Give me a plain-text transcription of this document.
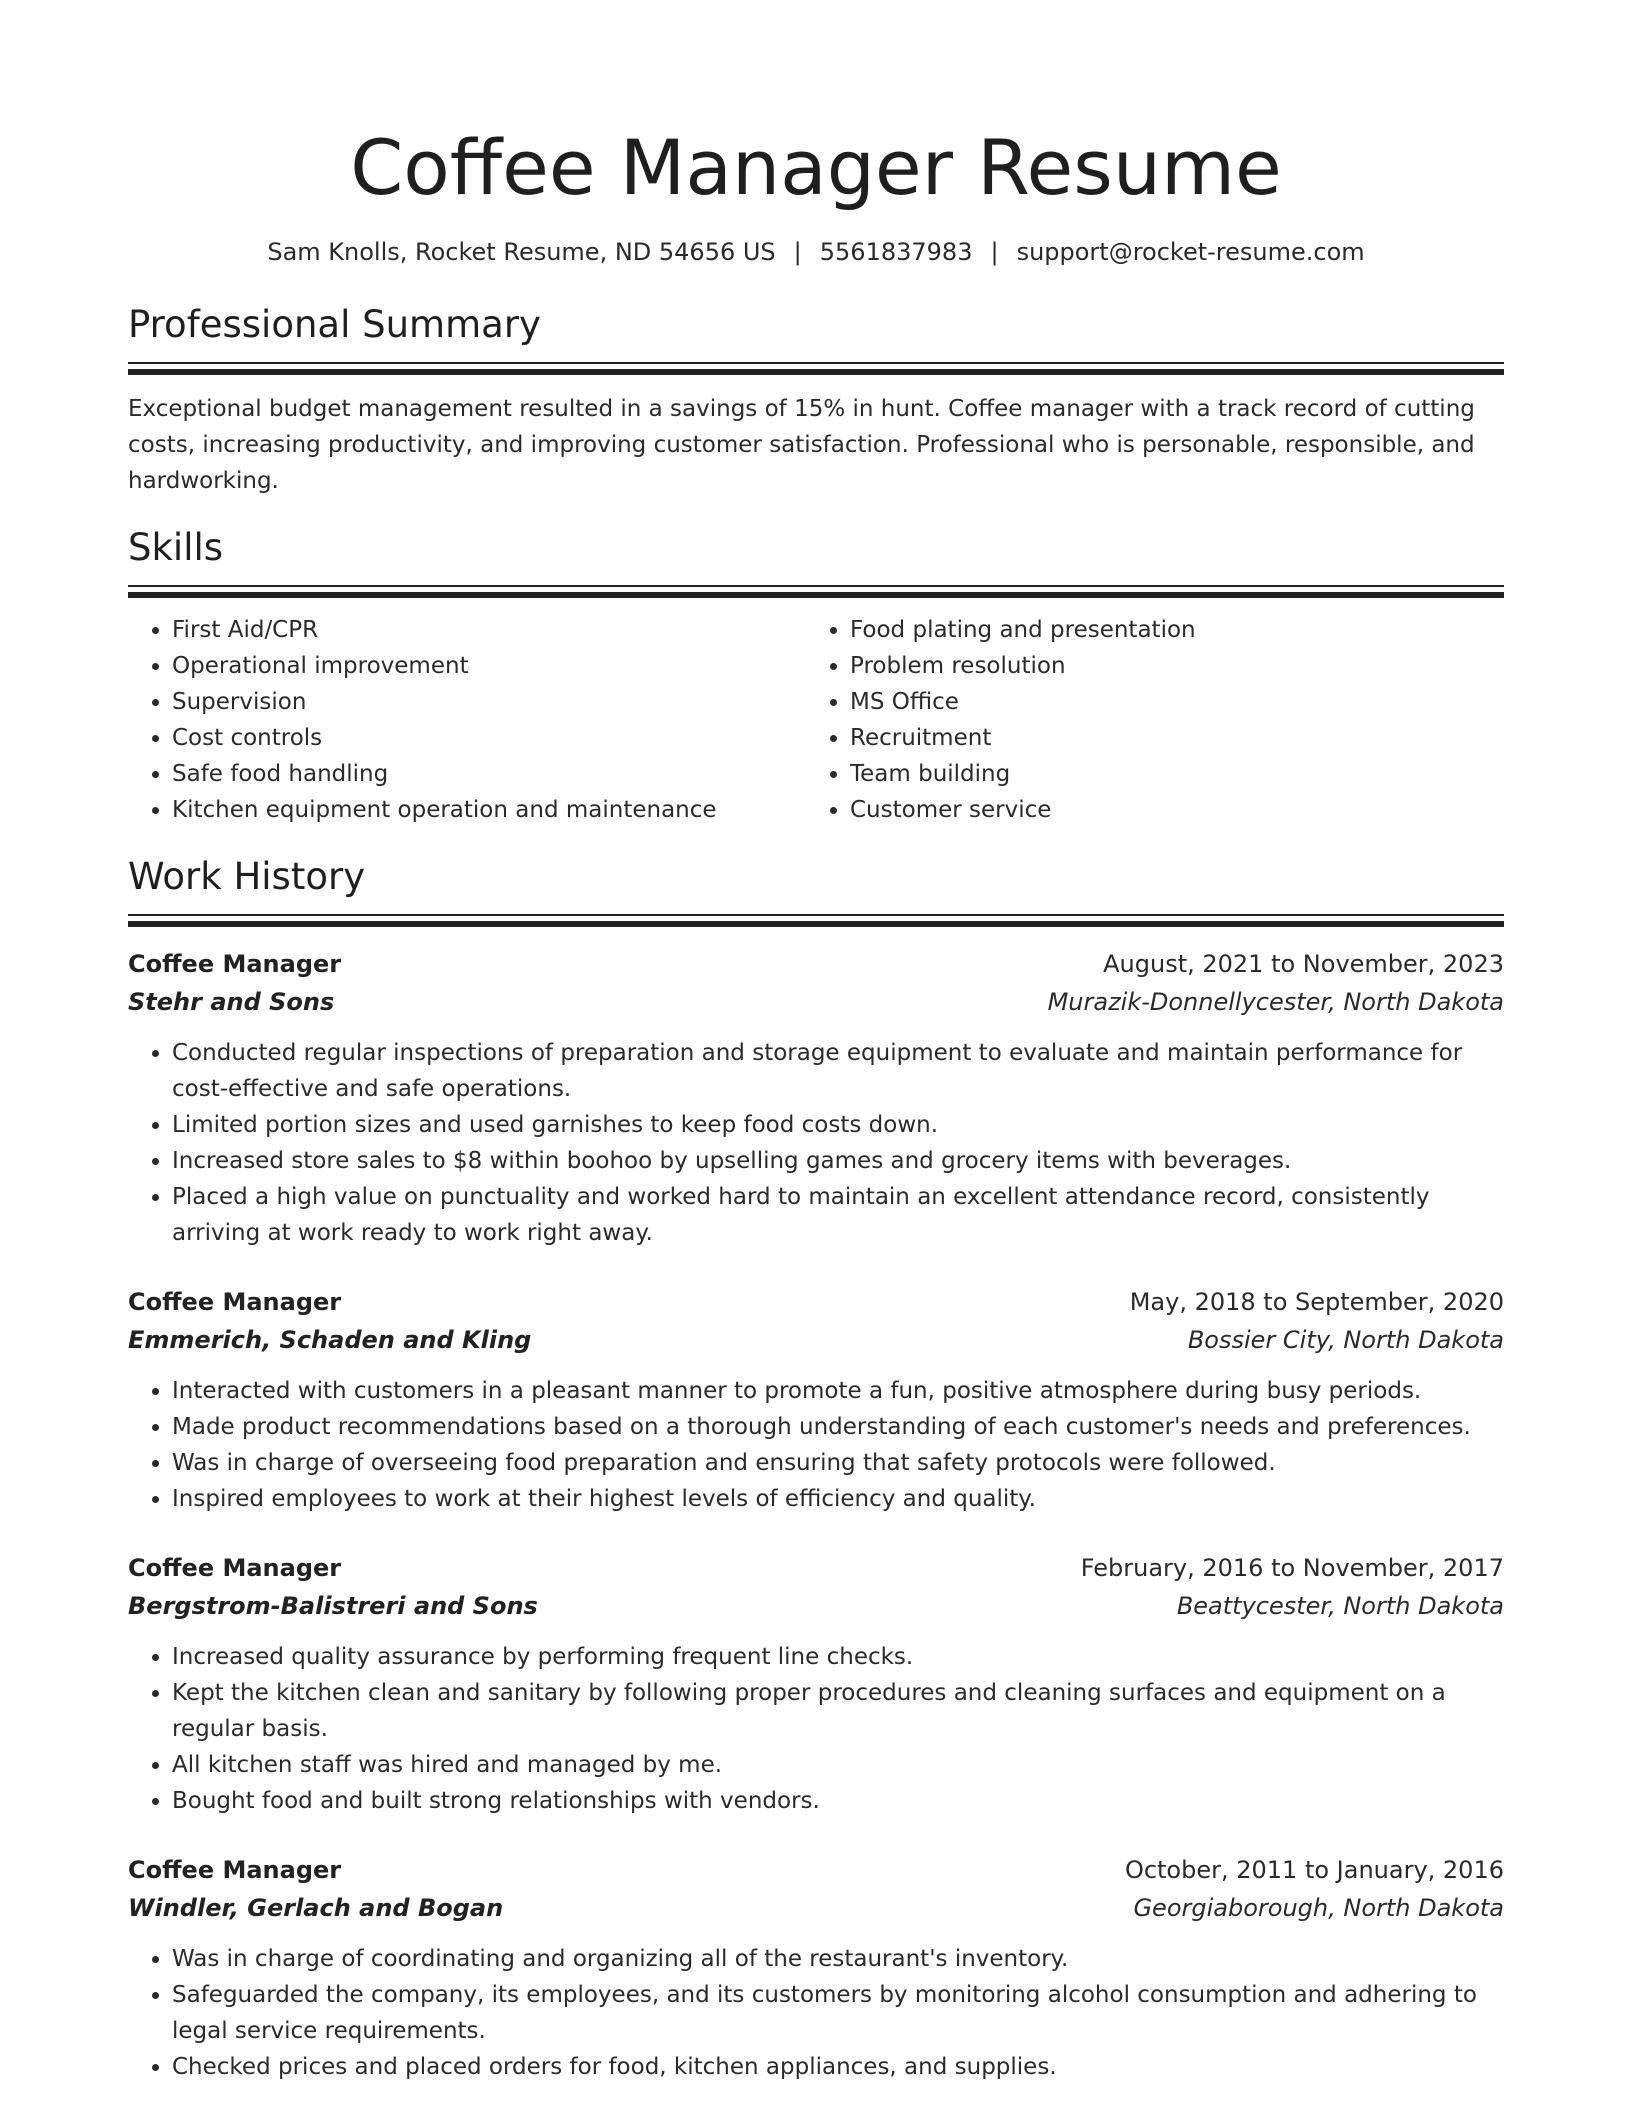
Coffee Manager Resume
Sam Knolls, Rocket Resume, ND 54656 US | 5561837983 | support@rocket-resume.com
Professional Summary

Exceptional budget management resulted in a savings of 15% in hunt. Coffee manager with a track record of cutting costs, increasing productivity, and improving customer satisfaction. Professional who is personable, responsible, and hardworking.

Skills
• First Aid/CPR
• Operational improvement
• Supervision
• Cost controls
• Safe food handling
• Kitchen equipment operation and maintenance
• Food plating and presentation
• Problem resolution
• MS Office
• Recruitment
• Team building
• Customer service
Work History
Coffee Manager	August, 2021 to November, 2023
Stehr and Sons	Murazik-Donnellycester, North Dakota
• Conducted regular inspections of preparation and storage equipment to evaluate and maintain performance for cost-effective and safe operations.
• Limited portion sizes and used garnishes to keep food costs down.
• Increased store sales to $8 within boohoo by upselling games and grocery items with beverages.
• Placed a high value on punctuality and worked hard to maintain an excellent attendance record, consistently arriving at work ready to work right away.
Coffee Manager	May, 2018 to September, 2020
Emmerich, Schaden and Kling	Bossier City, North Dakota
• Interacted with customers in a pleasant manner to promote a fun, positive atmosphere during busy periods.
• Made product recommendations based on a thorough understanding of each customer's needs and preferences.
• Was in charge of overseeing food preparation and ensuring that safety protocols were followed.
• Inspired employees to work at their highest levels of efficiency and quality.
Coffee Manager	February, 2016 to November, 2017
Bergstrom-Balistreri and Sons	Beattycester, North Dakota
• Increased quality assurance by performing frequent line checks.
• Kept the kitchen clean and sanitary by following proper procedures and cleaning surfaces and equipment on a regular basis.
• All kitchen staff was hired and managed by me.
• Bought food and built strong relationships with vendors.
Coffee Manager	October, 2011 to January, 2016
Windler, Gerlach and Bogan	Georgiaborough, North Dakota
• Was in charge of coordinating and organizing all of the restaurant's inventory.
• Safeguarded the company, its employees, and its customers by monitoring alcohol consumption and adhering to legal service requirements.
• Checked prices and placed orders for food, kitchen appliances, and supplies.
